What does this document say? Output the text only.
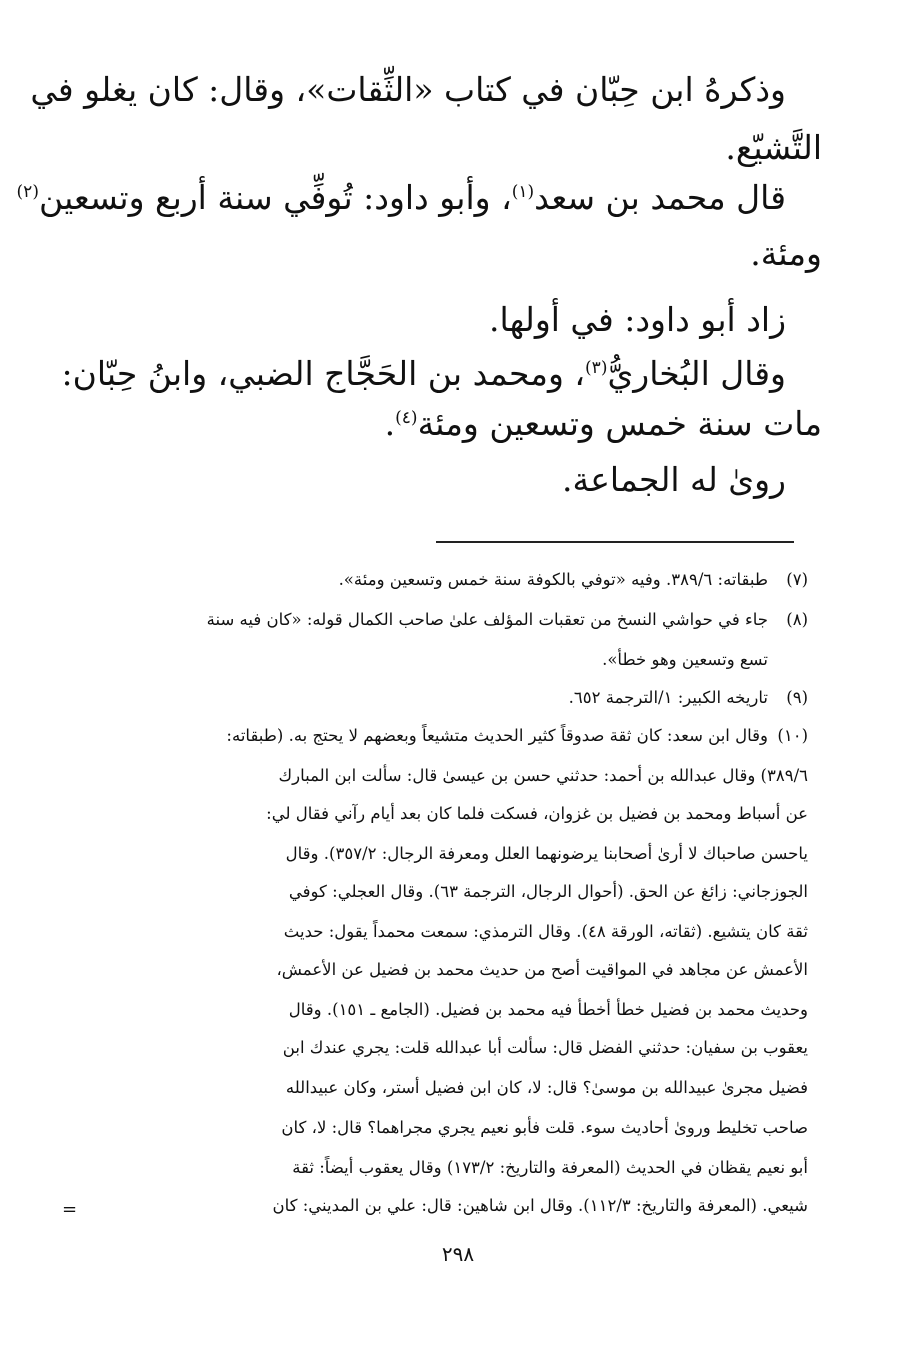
وذكرهُ ابن حِبّان في كتاب «الثِّقات»، وقال: كان يغلو في
التَّشيّع.
قال محمد بن سعد$^{(١)}$، وأبو داود: تُوفِّي سنة أربع وتسعين$^{(٢)}$
ومئة.
زاد أبو داود: في أولها.
وقال البُخاريُّ$^{(٣)}$، ومحمد بن الحَجَّاج الضبي، وابنُ حِبّان:
مات سنة خمس وتسعين ومئة$^{(٤)}$.
روىٰ له الجماعة.
(٧)
طبقاته: ٣٨٩/٦. وفيه «توفي بالكوفة سنة خمس وتسعين ومئة».
(٨)
جاء في حواشي النسخ من تعقبات المؤلف علىٰ صاحب الكمال قوله: «كان فيه سنة
تسع وتسعين وهو خطأ».
(٩)
تاريخه الكبير: ١/الترجمة ٦٥٢.
(١٠)
وقال ابن سعد: كان ثقة صدوقاً كثير الحديث متشيعاً وبعضهم لا يحتج به. (طبقاته:
٣٨٩/٦) وقال عبدالله بن أحمد: حدثني حسن بن عيسىٰ قال: سألت ابن المبارك
عن أسباط ومحمد بن فضيل بن غزوان، فسكت فلما كان بعد أيام رآني فقال لي:
ياحسن صاحباك لا أرىٰ أصحابنا يرضونهما العلل ومعرفة الرجال: ٣٥٧/٢). وقال
الجوزجاني: زائغ عن الحق. (أحوال الرجال، الترجمة ٦٣). وقال العجلي: كوفي
ثقة كان يتشيع. (ثقاته، الورقة ٤٨). وقال الترمذي: سمعت محمداً يقول: حديث
الأعمش عن مجاهد في المواقيت أصح من حديث محمد بن فضيل عن الأعمش،
وحديث محمد بن فضيل خطأ أخطأ فيه محمد بن فضيل. (الجامع ـ ١٥١). وقال
يعقوب بن سفيان: حدثني الفضل قال: سألت أبا عبدالله قلت: يجري عندك ابن
فضيل مجرىٰ عبيدالله بن موسىٰ؟ قال: لا، كان ابن فضيل أستر، وكان عبيدالله
صاحب تخليط وروىٰ أحاديث سوء. قلت فأبو نعيم يجري مجراهما؟ قال: لا، كان
أبو نعيم يقظان في الحديث (المعرفة والتاريخ: ١٧٣/٢) وقال يعقوب أيضاً: ثقة
شيعي. (المعرفة والتاريخ: ١١٢/٣). وقال ابن شاهين: قال: علي بن المديني: كان
=
٢٩٨
